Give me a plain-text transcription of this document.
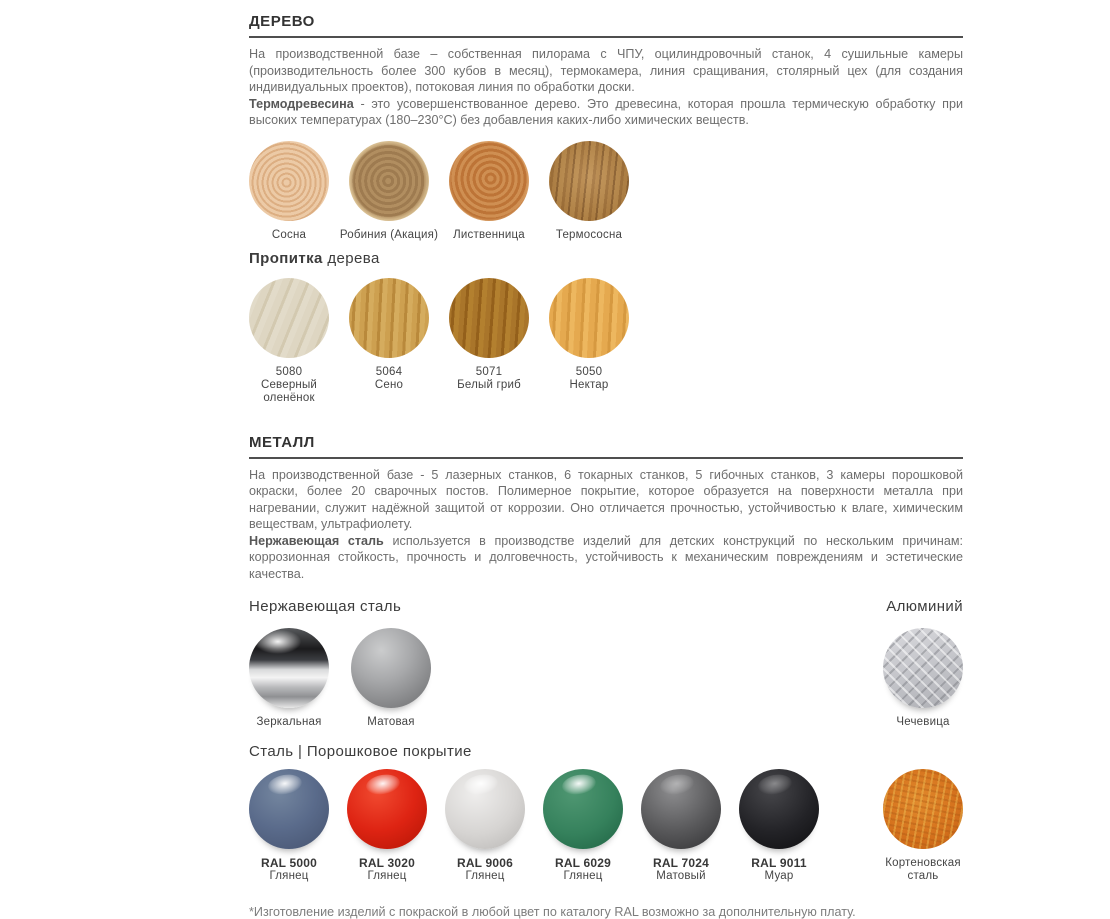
ДЕРЕВО

На производственной базе – собственная пилорама с ЧПУ, оцилиндровочный станок, 4 сушильные камеры (производительность более 300 кубов в месяц), термокамера, линия сращивания, столярный цех (для создания индивидуальных проектов), потоковая линия по обработки доски.

Термодревесина - это усовершенствованное дерево. Это древесина, которая прошла термическую обработку при высоких температурах (180–230°C) без добавления каких-либо химических веществ.

Сосна	Робиния (Акация) Лиственница	Термососна
Пропитка дерева
5080
Северный
оленёнок
5064
Сено
5071
Белый гриб
5050
Нектар
МЕТАЛЛ

На производственной базе - 5 лазерных станков, 6 токарных станков, 5 гибочных станков, 3 камеры порошковой окраски, более 20 сварочных постов. Полимерное покрытие, которое образуется на поверхности металла при нагревании, служит надёжной защитой от коррозии. Оно отличается прочностью, устойчивостью к влаге, химическим веществам, ультрафиолету.

Нержавеющая сталь используется в производстве изделий для детских конструкций по нескольким причинам: коррозионная стойкость, прочность и долговечность, устойчивость к механическим повреждениям и эстетические качества.

Нержавеющая сталь
Зеркальная	Матовая
Алюминий
Чечевица
Сталь | Порошковое покрытие
RAL 5000
Глянец
RAL 3020
Глянец
RAL 9006
Глянец
RAL 6029
Глянец
RAL 7024
Матовый
RAL 9011
Муар
Кортеновская
сталь
*Изготовление изделий с покраской в любой цвет по каталогу RAL возможно за дополнительную плату.
